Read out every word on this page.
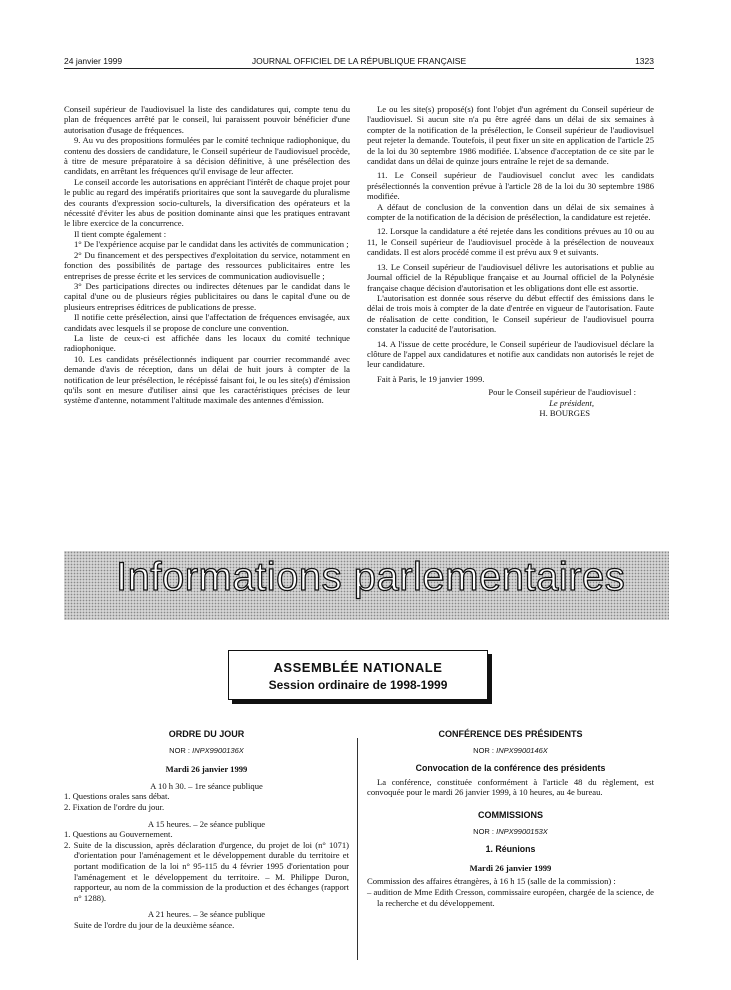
24 janvier 1999	JOURNAL OFFICIEL DE LA RÉPUBLIQUE FRANÇAISE	1323

Conseil supérieur de l'audiovisuel la liste des candidatures qui, compte tenu du plan de fréquences arrêté par le conseil, lui paraissent pouvoir bénéficier d'une autorisation d'usage de fréquences.

9. Au vu des propositions formulées par le comité technique radiophonique, du contenu des dossiers de candidature, le Conseil supérieur de l'audiovisuel procède, à titre de mesure préparatoire à sa décision définitive, à une présélection des candidats, en arrêtant les fréquences qu'il envisage de leur affecter.

Le conseil accorde les autorisations en appréciant l'intérêt de chaque projet pour le public au regard des impératifs prioritaires que sont la sauvegarde du pluralisme des courants d'expression socio-culturels, la diversification des opérateurs et la nécessité d'éviter les abus de position dominante ainsi que les pratiques entravant le libre exercice de la concurrence.

Il tient compte également :

1° De l'expérience acquise par le candidat dans les activités de communication ;

2° Du financement et des perspectives d'exploitation du service, notamment en fonction des possibilités de partage des ressources publicitaires entre les entreprises de presse écrite et les services de communication audiovisuelle ;

3° Des participations directes ou indirectes détenues par le candidat dans le capital d'une ou de plusieurs régies publicitaires ou dans le capital d'une ou de plusieurs entreprises éditrices de publications de presse.

Il notifie cette présélection, ainsi que l'affectation de fréquences envisagée, aux candidats avec lesquels il se propose de conclure une convention.

La liste de ceux-ci est affichée dans les locaux du comité technique radiophonique.

10. Les candidats présélectionnés indiquent par courrier recommandé avec demande d'avis de réception, dans un délai de huit jours à compter de la notification de leur présélection, le récépissé faisant foi, le ou les site(s) d'émission qu'ils sont en mesure d'utiliser ainsi que les caractéristiques précises de leur système d'antenne, notamment l'altitude maximale des antennes d'émission.

Le ou les site(s) proposé(s) font l'objet d'un agrément du Conseil supérieur de l'audiovisuel. Si aucun site n'a pu être agréé dans un délai de six semaines à compter de la notification de la présélection, le Conseil supérieur de l'audiovisuel peut rejeter la demande. Toutefois, il peut fixer un site en application de l'article 25 de la loi du 30 septembre 1986 modifiée. L'absence d'acceptation de ce site par le candidat dans un délai de quinze jours entraîne le rejet de sa demande.

11. Le Conseil supérieur de l'audiovisuel conclut avec les candidats présélectionnés la convention prévue à l'article 28 de la loi du 30 septembre 1986 modifiée.

A défaut de conclusion de la convention dans un délai de six semaines à compter de la notification de la décision de présélection, la candidature est rejetée.

12. Lorsque la candidature a été rejetée dans les conditions prévues au 10 ou au 11, le Conseil supérieur de l'audiovisuel procède à la présélection de nouveaux candidats. Il est alors procédé comme il est prévu aux 9 et suivants.

13. Le Conseil supérieur de l'audiovisuel délivre les autorisations et publie au Journal officiel de la République française et au Journal officiel de la Polynésie française chaque décision d'autorisation et les obligations dont elle est assortie.

L'autorisation est donnée sous réserve du début effectif des émissions dans le délai de trois mois à compter de la date d'entrée en vigueur de l'autorisation. Faute de réalisation de cette condition, le Conseil supérieur de l'audiovisuel pourra constater la caducité de l'autorisation.

14. A l'issue de cette procédure, le Conseil supérieur de l'audiovisuel déclare la clôture de l'appel aux candidatures et notifie aux candidats non autorisés le rejet de leur candidature.

Fait à Paris, le 19 janvier 1999.

Pour le Conseil supérieur de l'audiovisuel :
Le président,
H. BOURGES
Informations parlementaires
ASSEMBLÉE NATIONALE
Session ordinaire de 1998-1999
ORDRE DU JOUR
NOR : INPX9900136X
Mardi 26 janvier 1999
A 10 h 30. – 1re séance publique
1. Questions orales sans débat.
2. Fixation de l'ordre du jour.
A 15 heures. – 2e séance publique
1. Questions au Gouvernement.
2. Suite de la discussion, après déclaration d'urgence, du projet de loi (n° 1071) d'orientation pour l'aménagement et le développement durable du territoire et portant modification de la loi n° 95-115 du 4 février 1995 d'orientation pour l'aménagement et le développement du territoire. – M. Philippe Duron, rapporteur, au nom de la commission de la production et des échanges (rapport n° 1288).
A 21 heures. – 3e séance publique
Suite de l'ordre du jour de la deuxième séance.
CONFÉRENCE DES PRÉSIDENTS
NOR : INPX9900146X
Convocation de la conférence des présidents
La conférence, constituée conformément à l'article 48 du règlement, est convoquée pour le mardi 26 janvier 1999, à 10 heures, au 4e bureau.
COMMISSIONS
NOR : INPX9900153X
1. Réunions
Mardi 26 janvier 1999
Commission des affaires étrangères, à 16 h 15 (salle de la commission) :
– audition de Mme Edith Cresson, commissaire européen, chargée de la science, de la recherche et du développement.
